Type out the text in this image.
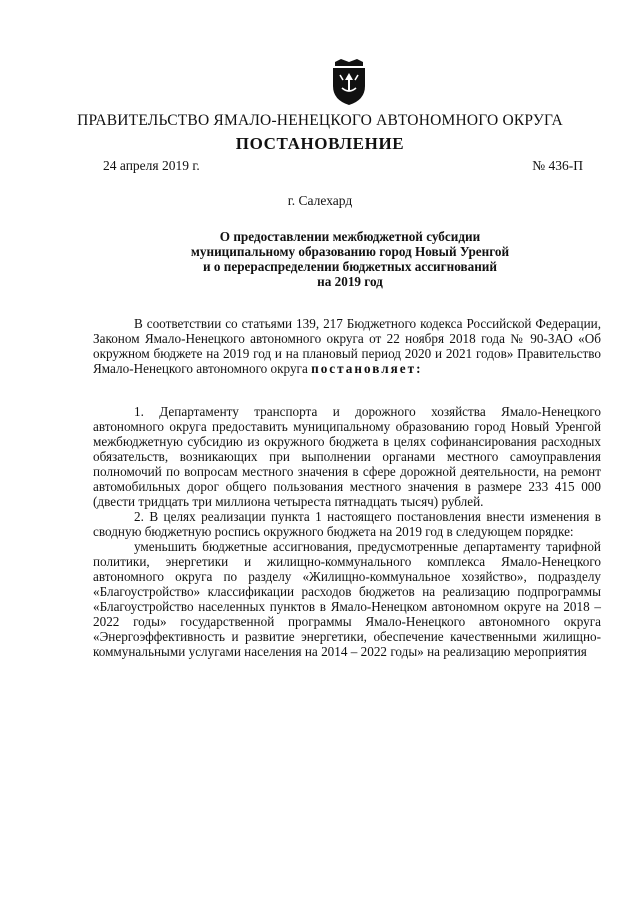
ПРАВИТЕЛЬСТВО ЯМАЛО-НЕНЕЦКОГО АВТОНОМНОГО ОКРУГА
ПОСТАНОВЛЕНИЕ
24 апреля 2019 г.	№ 436-П
г. Салехард
О предоставлении межбюджетной субсидии
муниципальному образованию город Новый Уренгой
и о перераспределении бюджетных ассигнований
на 2019 год

В соответствии со статьями 139, 217 Бюджетного кодекса Российской Федерации, Законом Ямало-Ненецкого автономного округа от 22 ноября 2018 года № 90-ЗАО «Об окружном бюджете на 2019 год и на плановый период 2020 и 2021 годов» Правительство Ямало-Ненецкого автономного округа постановляет:

1. Департаменту транспорта и дорожного хозяйства Ямало-Ненецкого автономного округа предоставить муниципальному образованию город Новый Уренгой межбюджетную субсидию из окружного бюджета в целях софинансирования расходных обязательств, возникающих при выполнении органами местного самоуправления полномочий по вопросам местного значения в сфере дорожной деятельности, на ремонт автомобильных дорог общего пользования местного значения в размере 233 415 000 (двести тридцать три миллиона четыреста пятнадцать тысяч) рублей.

2. В целях реализации пункта 1 настоящего постановления внести изменения в сводную бюджетную роспись окружного бюджета на 2019 год в следующем порядке:

уменьшить бюджетные ассигнования, предусмотренные департаменту тарифной политики, энергетики и жилищно-коммунального комплекса Ямало-Ненецкого автономного округа по разделу «Жилищно-коммунальное хозяйство», подразделу «Благоустройство» классификации расходов бюджетов на реализацию подпрограммы «Благоустройство населенных пунктов в Ямало-Ненецком автономном округе на 2018 – 2022 годы» государственной программы Ямало-Ненецкого автономного округа «Энергоэффективность и развитие энергетики, обеспечение качественными жилищно-коммунальными услугами населения на 2014 – 2022 годы» на реализацию мероприятия
